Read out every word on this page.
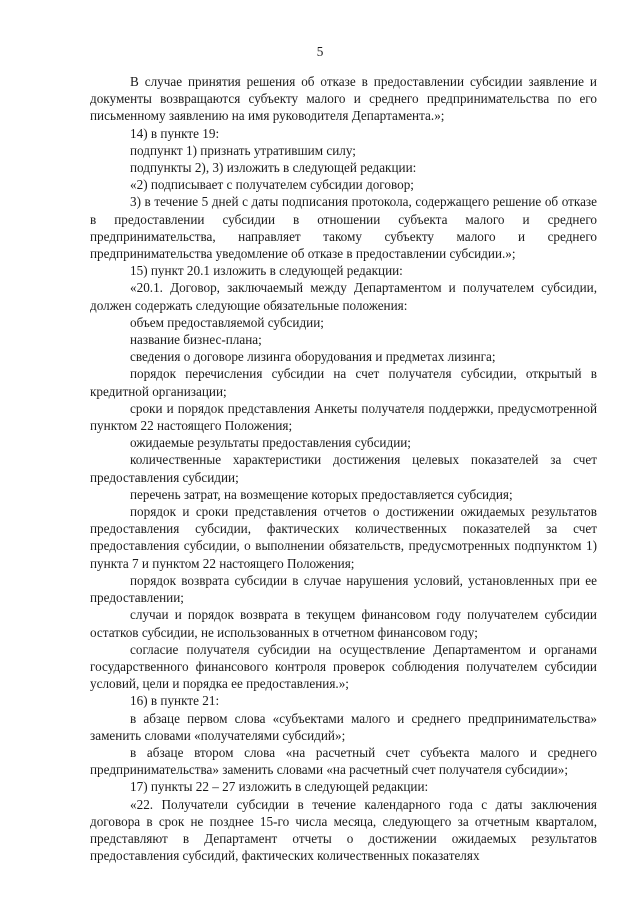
5

В случае принятия решения об отказе в предоставлении субсидии заявление и документы возвращаются субъекту малого и среднего предпринимательства по его письменному заявлению на имя руководителя Департамента.»;

14) в пункте 19:

подпункт 1) признать утратившим силу;

подпункты 2), 3) изложить в следующей редакции:

«2) подписывает с получателем субсидии договор;

3) в течение 5 дней с даты подписания протокола, содержащего решение об отказе в предоставлении субсидии в отношении субъекта малого и среднего предпринимательства, направляет такому субъекту малого и среднего предпринимательства уведомление об отказе в предоставлении субсидии.»;

15) пункт 20.1 изложить в следующей редакции:

«20.1. Договор, заключаемый между Департаментом и получателем субсидии, должен содержать следующие обязательные положения:

объем предоставляемой субсидии;

название бизнес-плана;

сведения о договоре лизинга оборудования и предметах лизинга;

порядок перечисления субсидии на счет получателя субсидии, открытый в кредитной организации;

сроки и порядок представления Анкеты получателя поддержки, предусмотренной пунктом 22 настоящего Положения;

ожидаемые результаты предоставления субсидии;

количественные характеристики достижения целевых показателей за счет предоставления субсидии;

перечень затрат, на возмещение которых предоставляется субсидия;

порядок и сроки представления отчетов о достижении ожидаемых результатов предоставления субсидии, фактических количественных показателей за счет предоставления субсидии, о выполнении обязательств, предусмотренных подпунктом 1) пункта 7 и пунктом 22 настоящего Положения;

порядок возврата субсидии в случае нарушения условий, установленных при ее предоставлении;

случаи и порядок возврата в текущем финансовом году получателем субсидии остатков субсидии, не использованных в отчетном финансовом году;

согласие получателя субсидии на осуществление Департаментом и органами государственного финансового контроля проверок соблюдения получателем субсидии условий, цели и порядка ее предоставления.»;

16) в пункте 21:

в абзаце первом слова «субъектами малого и среднего предпринимательства» заменить словами «получателями субсидий»;

в абзаце втором слова «на расчетный счет субъекта малого и среднего предпринимательства» заменить словами «на расчетный счет получателя субсидии»;

17) пункты 22 – 27 изложить в следующей редакции:

«22. Получатели субсидии в течение календарного года с даты заключения договора в срок не позднее 15-го числа месяца, следующего за отчетным кварталом, представляют в Департамент отчеты о достижении ожидаемых результатов предоставления субсидий, фактических количественных показателях
